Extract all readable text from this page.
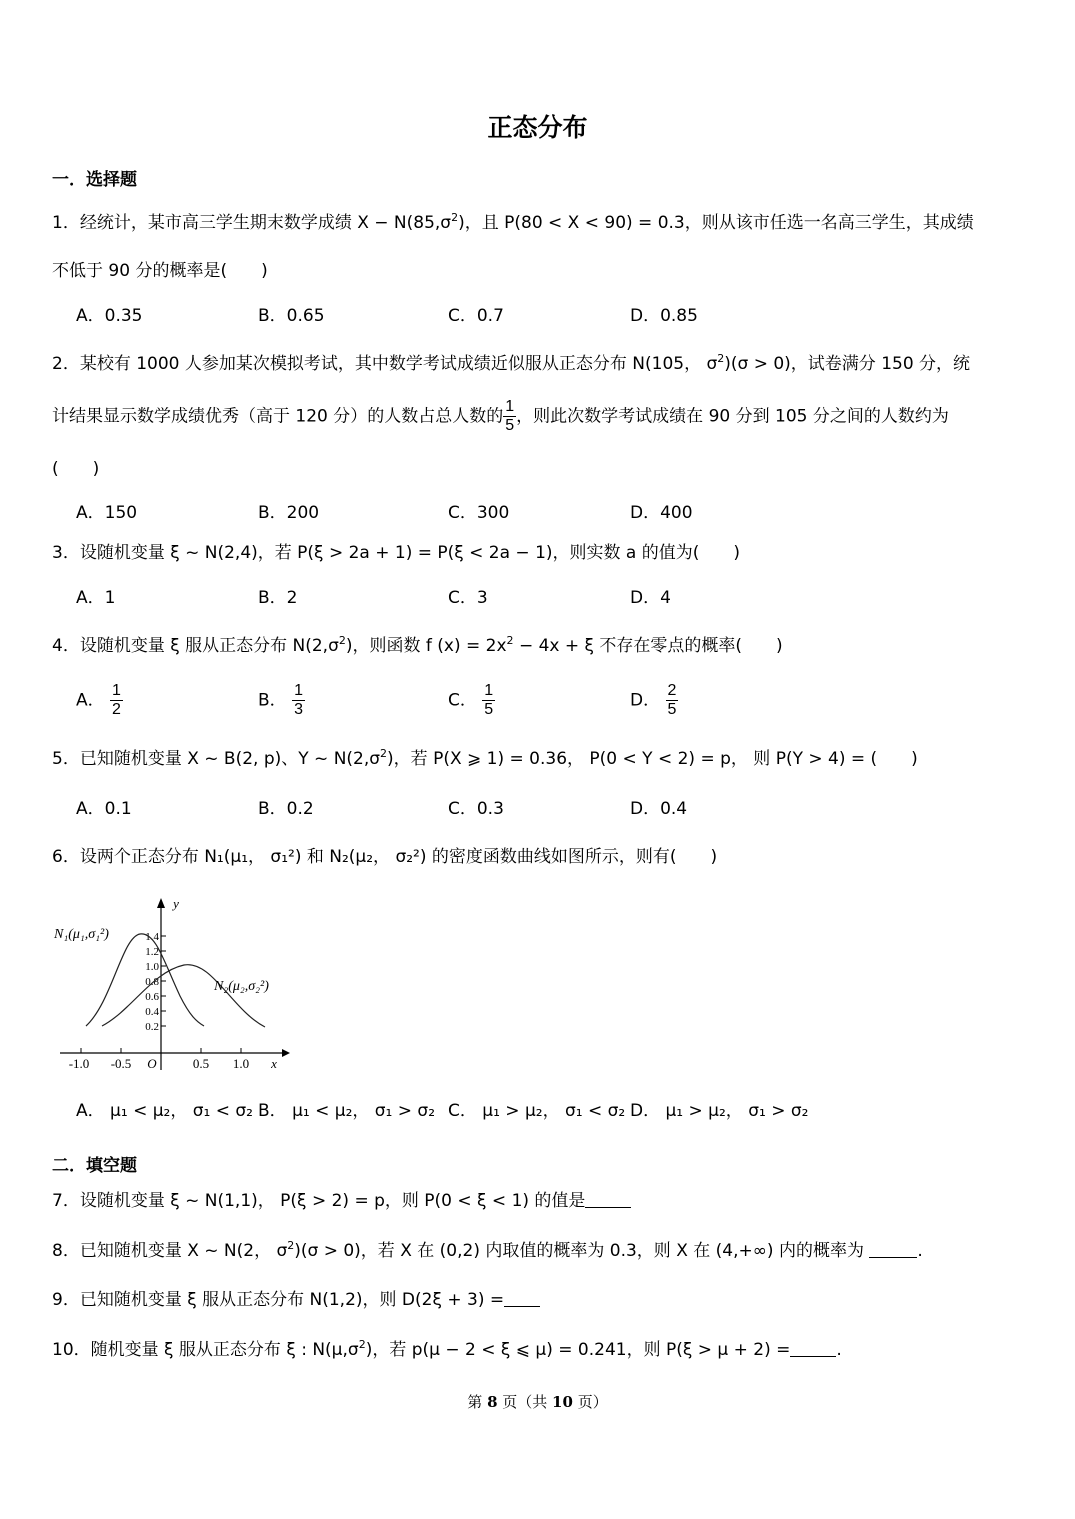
正态分布
一．选择题
1．经统计，某市高三学生期末数学成绩 $X - N(85,\sigma^2)$，且 P(80 < X < 90) = 0.3，则从该市任选一名高三学生，其成绩
不低于 90 分的概率是(　　)
A．0.35	B．0.65	C．0.7	D．0.85
2．某校有 1000 人参加某次模拟考试，其中数学考试成绩近似服从正态分布 N(105， $\sigma^2)(\sigma > 0)$，试卷满分 150 分，统
计结果显示数学成绩优秀（高于 120 分）的人数占总人数的 $\frac{1}{5}$ ，则此次数学考试成绩在 90 分到 105 分之间的人数约为
(　　)
A．150	B．200	C．300	D．400
3．设随机变量 ξ ~ N(2,4)，若 P(ξ > 2a + 1) = P(ξ < 2a − 1)，则实数 a 的值为(　　)
A．1	B．2	C．3	D．4
4．设随机变量 ξ 服从正态分布 $N(2,\sigma^2)$，则函数 f $(x) = 2x^2 - 4x + \xi$ 不存在零点的概率(　　)
A． $\frac{1}{2}$	B． $\frac{1}{3}$	C． $\frac{1}{5}$	D． $\frac{2}{5}$
5．已知随机变量 X ~ B(2, p)、Y ~ $N(2,\sigma^2)$，若 P(X ⩾ 1) = 0.36， P(0 < Y < 2) = p， 则 P(Y > 4) = (　　)
A．0.1	B．0.2	C．0.3	D．0.4
6．设两个正态分布 N₁(μ₁， σ₁²) 和 N₂(μ₂， σ₂²) 的密度函数曲线如图所示，则有(　　)
1.4
1.2
1.0
0.8
0.6
0.4
0.2
-1.0 -0.5	0.5 1.0
O	x
y
N₁(μ₁,σ₁²)
N₂(μ₂,σ₂²)
A． μ₁ < μ₂， σ₁ < σ₂ B． μ₁ < μ₂， σ₁ > σ₂ C． μ₁ > μ₂， σ₁ < σ₂ D． μ₁ > μ₂， σ₁ > σ₂
二．填空题
7．设随机变量 ξ ~ N(1,1)， P(ξ > 2) = p，则 P(0 < ξ < 1) 的值是
8．已知随机变量 X ~ N(2， $\sigma^2)(\sigma > 0)$，若 X 在 (0,2) 内取值的概率为 0.3，则 X 在 (4,+∞) 内的概率为	.
9．已知随机变量 ξ 服从正态分布 N(1,2)，则 D(2ξ + 3) =
10．随机变量 ξ 服从正态分布 ξ : $N(\mu,\sigma^2)$，若 p(μ − 2 < ξ ⩽ μ) = 0.241，则 P(ξ > μ + 2) =	.
第 8 页（共 10 页）
